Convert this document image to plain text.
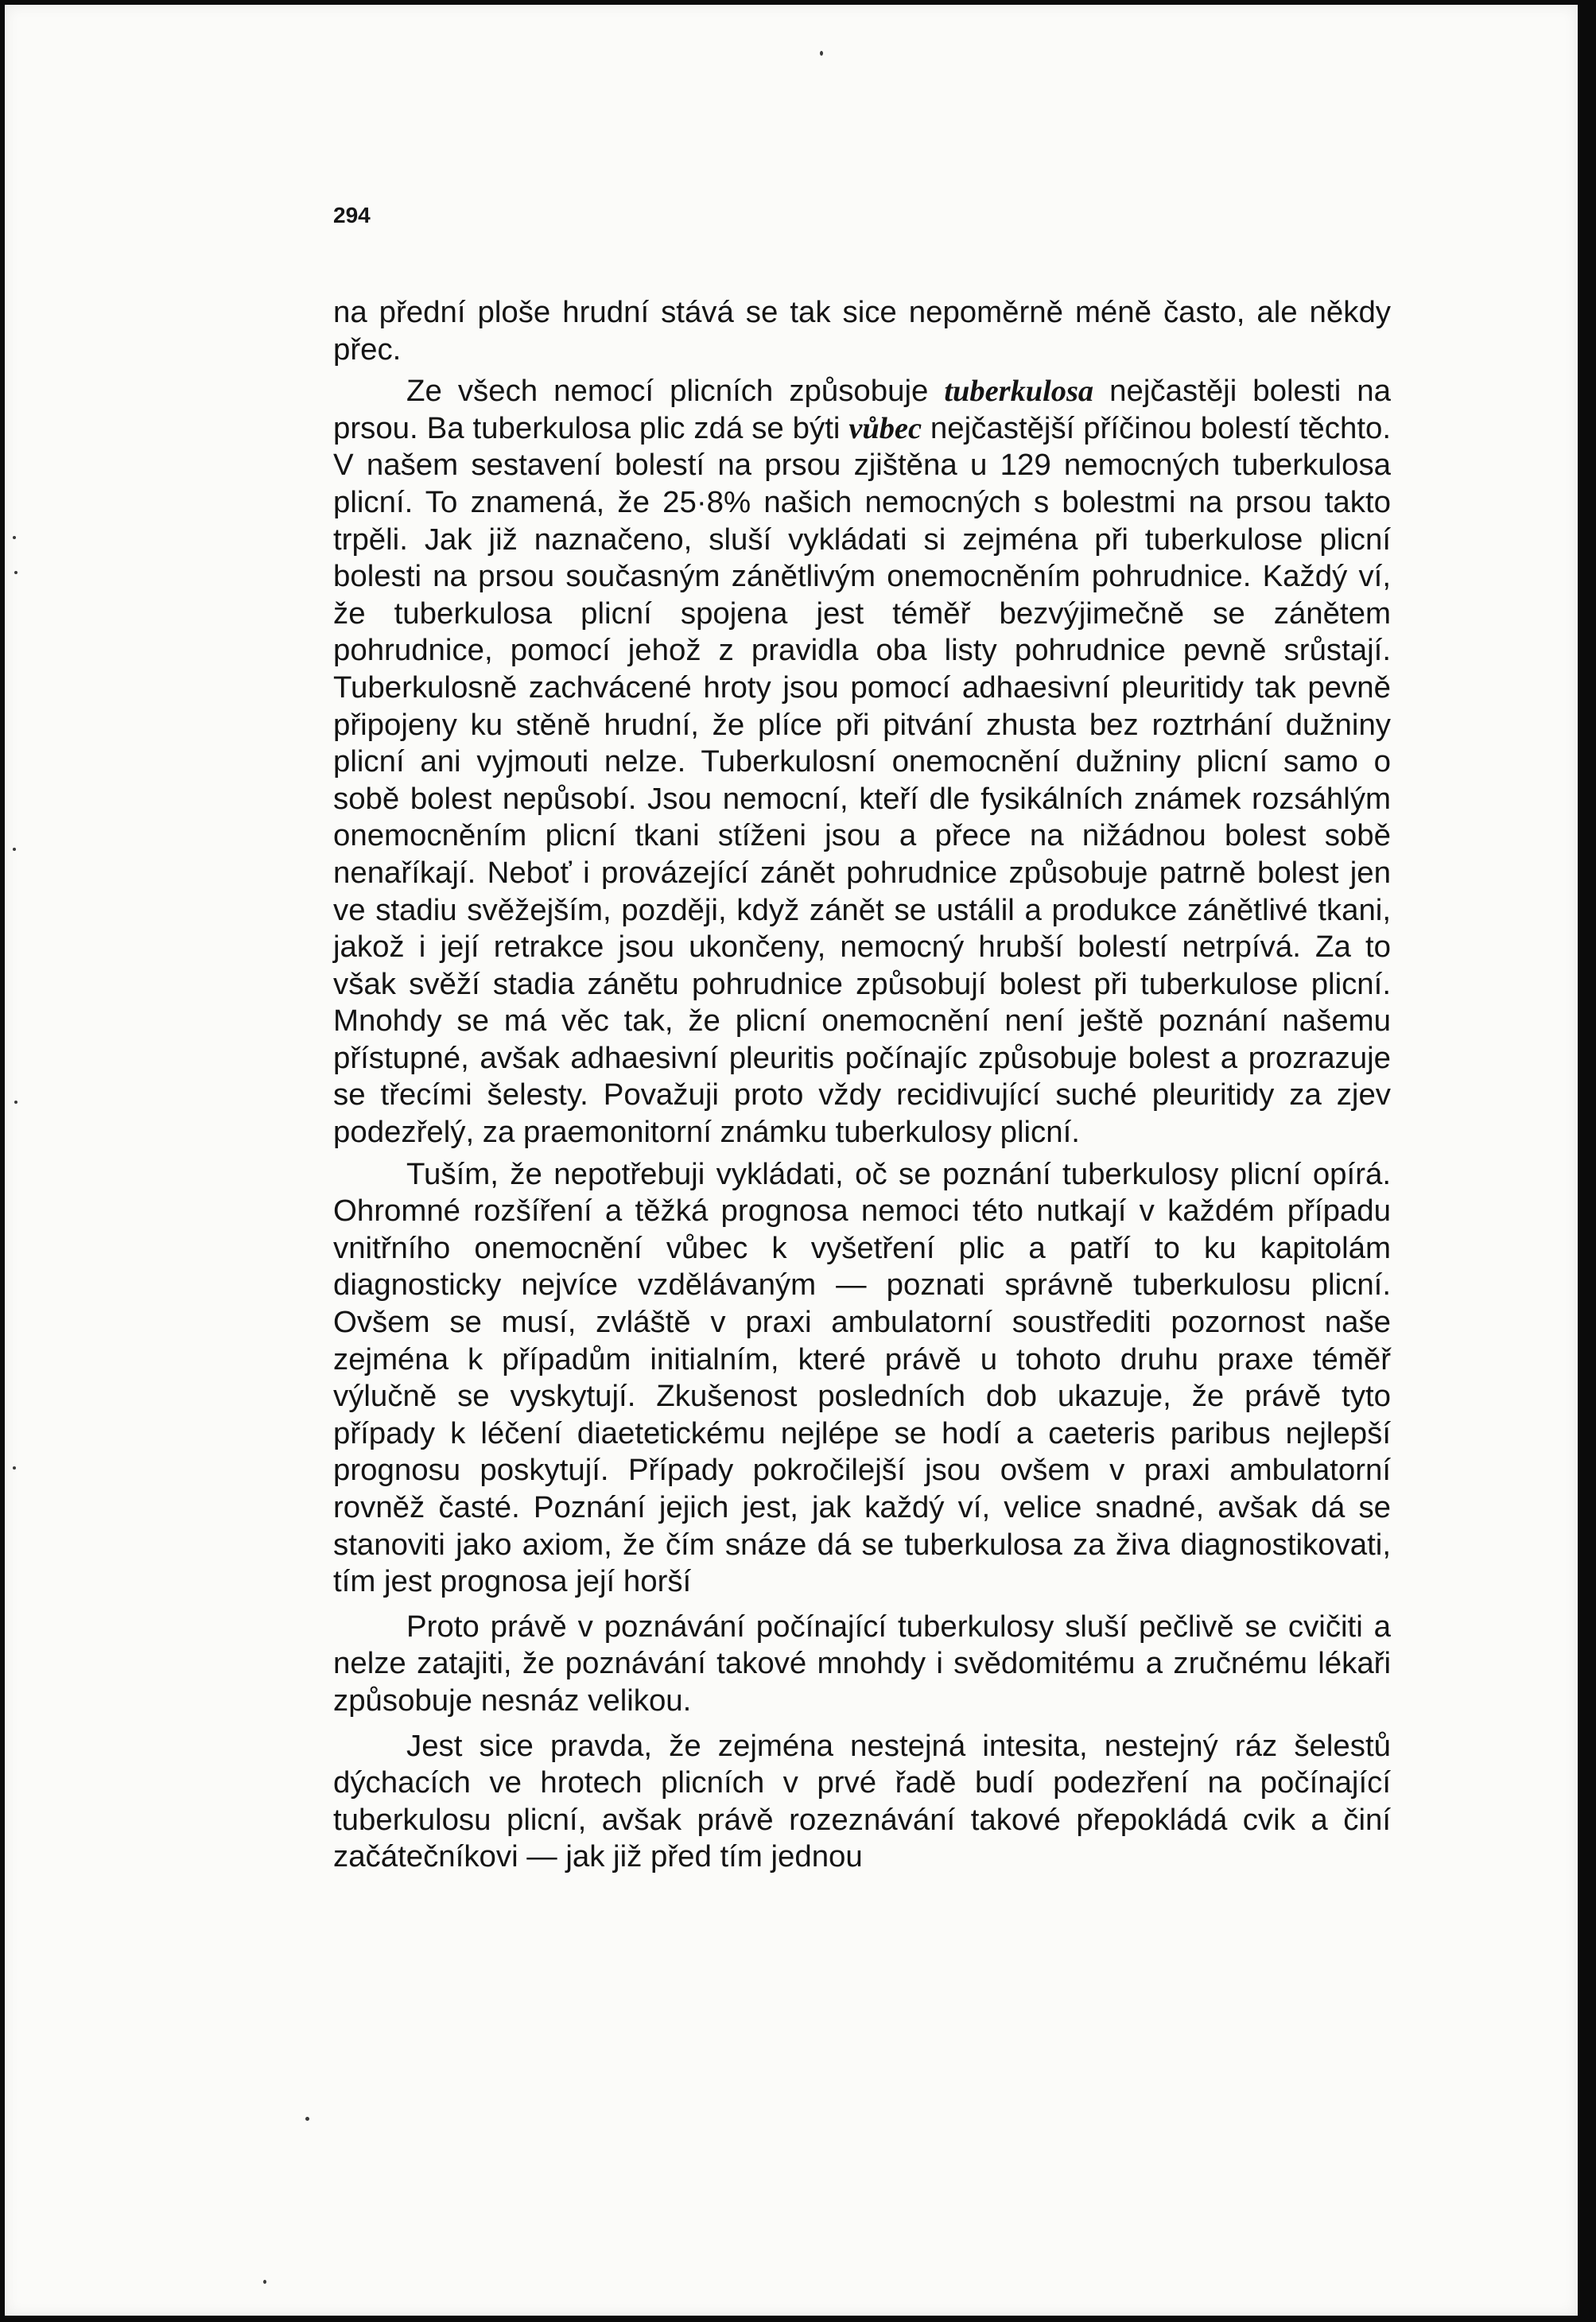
294

na přední ploše hrudní stává se tak sice nepoměrně méně často, ale někdy přec.

Ze všech nemocí plicních způsobuje tuberkulosa nejčastěji bolesti na prsou. Ba tuberkulosa plic zdá se býti vůbec nejčastější příčinou bolestí těchto. V našem sestavení bolestí na prsou zjištěna u 129 nemocných tuberkulosa plicní. To znamená, že 25·8% našich nemocných s bolestmi na prsou takto trpěli. Jak již naznačeno, sluší vykládati si zejména při tuberkulose plicní bolesti na prsou současným zánětlivým onemocněním pohrudnice. Každý ví, že tuberkulosa plicní spojena jest téměř bezvýjimečně se zánětem pohrudnice, pomocí jehož z pravidla oba listy pohrudnice pevně srůstají. Tuberkulosně zachvácené hroty jsou pomocí adhaesivní pleuritidy tak pevně připojeny ku stěně hrudní, že plíce při pitvání zhusta bez roztrhání dužniny plicní ani vyjmouti nelze. Tuberkulosní onemocnění dužniny plicní samo o sobě bolest nepůsobí. Jsou nemocní, kteří dle fysikálních známek rozsáhlým onemocněním plicní tkani stíženi jsou a přece na nižádnou bolest sobě nenaříkají. Neboť i provázející zánět pohrudnice způsobuje patrně bolest jen ve stadiu svěžejším, později, když zánět se ustálil a produkce zánětlivé tkani, jakož i její retrakce jsou ukončeny, nemocný hrubší bolestí netrpívá. Za to však svěží stadia zánětu pohrudnice způsobují bolest při tuberkulose plicní. Mnohdy se má věc tak, že plicní onemocnění není ještě poznání našemu přístupné, avšak adhaesivní pleuritis počínajíc způsobuje bolest a prozrazuje se třecími šelesty. Považuji proto vždy recidivující suché pleuritidy za zjev podezřelý, za praemonitorní známku tuberkulosy plicní.

Tuším, že nepotřebuji vykládati, oč se poznání tuberkulosy plicní opírá. Ohromné rozšíření a těžká prognosa nemoci této nutkají v každém případu vnitřního onemocnění vůbec k vyšetření plic a patří to ku kapitolám diagnosticky nejvíce vzdělávaným — poznati správně tuberkulosu plicní. Ovšem se musí, zvláště v praxi ambulatorní soustřediti pozornost naše zejména k případům initialním, které právě u tohoto druhu praxe téměř výlučně se vyskytují. Zkušenost posledních dob ukazuje, že právě tyto případy k léčení diaetetickému nejlépe se hodí a caeteris paribus nejlepší prognosu poskytují. Případy pokročilejší jsou ovšem v praxi ambulatorní rovněž časté. Poznání jejich jest, jak každý ví, velice snadné, avšak dá se stanoviti jako axiom, že čím snáze dá se tuberkulosa za živa diagnostikovati, tím jest prognosa její horší

Proto právě v poznávání počínající tuberkulosy sluší pečlivě se cvičiti a nelze zatajiti, že poznávání takové mnohdy i svědomitému a zručnému lékaři způsobuje nesnáz velikou.

Jest sice pravda, že zejména nestejná intesita, nestejný ráz šelestů dýchacích ve hrotech plicních v prvé řadě budí podezření na počínající tuberkulosu plicní, avšak právě rozeznávání takové přepokládá cvik a činí začátečníkovi — jak již před tím jednou
